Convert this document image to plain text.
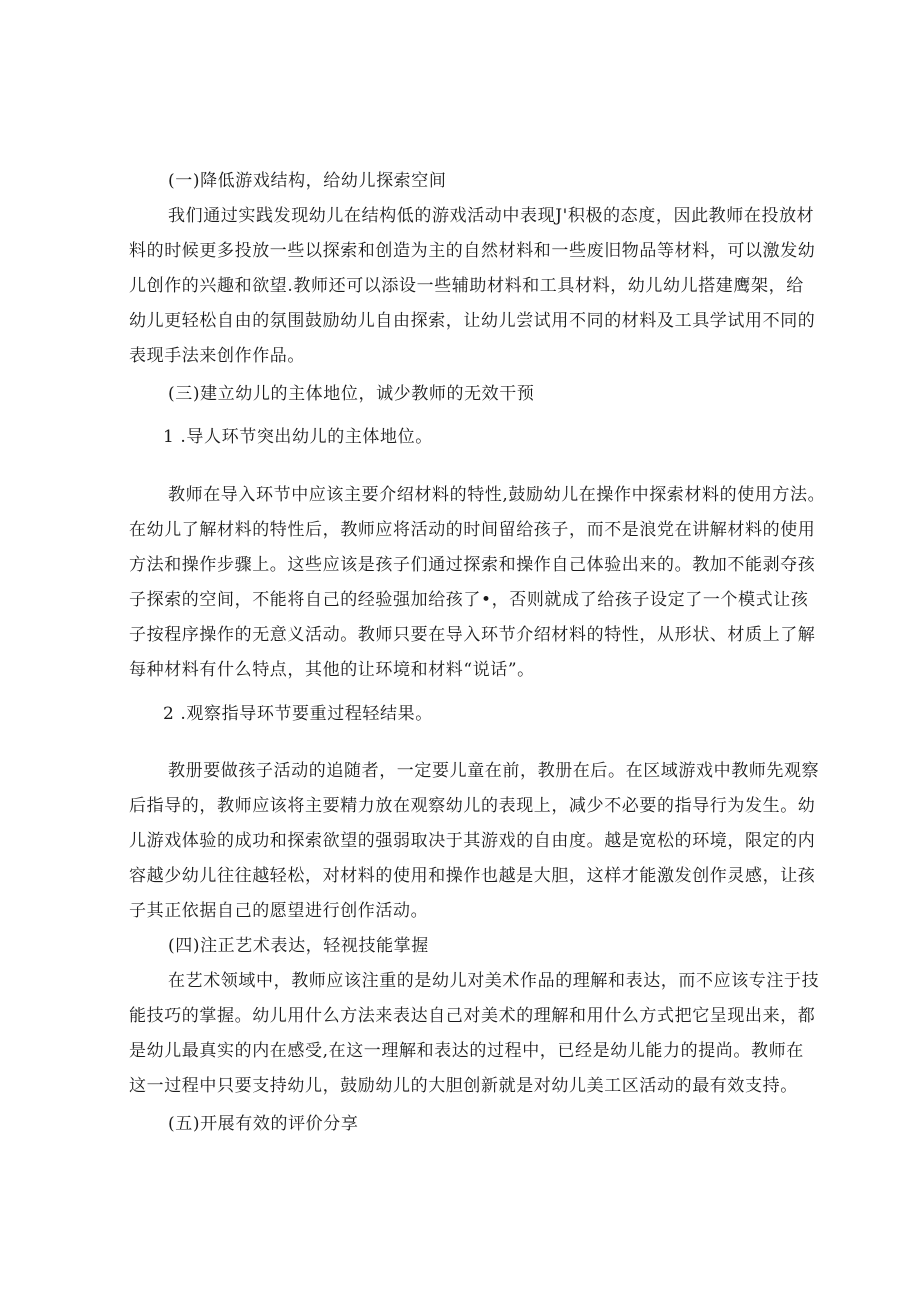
(一)降低游戏结构，给幼儿探索空间
我们通过实践发现幼儿在结构低的游戏活动中表现J'积极的态度，因此教师在投放材
料的时候更多投放一些以探索和创造为主的自然材料和一些废旧物品等材料，可以激发幼
儿创作的兴趣和欲望.教师还可以添设一些辅助材料和工具材料，幼儿幼儿搭建鹰架，给
幼儿更轻松自由的氛围鼓励幼儿自由探索，让幼儿尝试用不同的材料及工具学试用不同的
表现手法来创作作品。
(三)建立幼儿的主体地位，诚少教师的无效干预
1 .导人环节突出幼儿的主体地位。
教师在导入环节中应该主要介绍材料的特性,鼓励幼儿在操作中探索材料的使用方法。
在幼儿了解材料的特性后，教师应将活动的时间留给孩子，而不是浪党在讲解材料的使用
方法和操作步骤上。这些应该是孩子们通过探索和操作自己体验出来的。教加不能剥夺孩
子探索的空间，不能将自己的经验强加给孩了•，否则就成了给孩子设定了一个模式让孩
子按程序操作的无意义活动。教师只要在导入环节介绍材料的特性，从形状、材质上了解
每种材料有什么特点，其他的让环境和材料“说话”。
2 .观察指导环节要重过程轻结果。
教册要做孩子活动的追随者，一定要儿童在前，教册在后。在区域游戏中教师先观察
后指导的，教师应该将主要精力放在观察幼儿的表现上，减少不必要的指导行为发生。幼
儿游戏体验的成功和探索欲望的强弱取决于其游戏的自由度。越是宽松的环境，限定的内
容越少幼儿往往越轻松，对材料的使用和操作也越是大胆，这样才能激发创作灵感，让孩
子其正依据自己的愿望进行创作活动。
(四)注正艺术表达，轻视技能掌握
在艺术领域中，教师应该注重的是幼儿对美术作品的理解和表达，而不应该专注于技
能技巧的掌握。幼儿用什么方法来表达自己对美术的理解和用什么方式把它呈现出来，都
是幼儿最真实的内在感受,在这一理解和表达的过程中，已经是幼儿能力的提尚。教师在
这一过程中只要支持幼儿，鼓励幼儿的大胆创新就是对幼儿美工区活动的最有效支持。
(五)开展有效的评价分享
